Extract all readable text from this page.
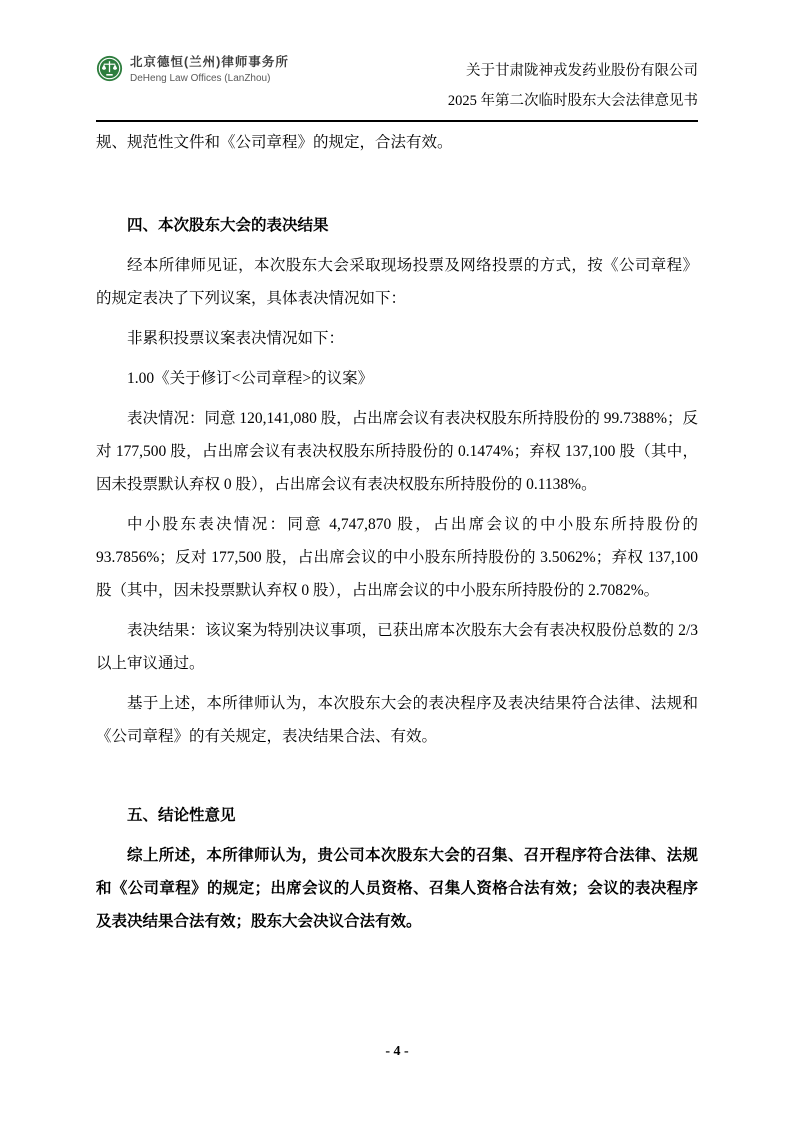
北京德恒(兰州)律师事务所
DeHeng Law Offices (LanZhou)	关于甘肃陇神戎发药业股份有限公司
2025 年第二次临时股东大会法律意见书

规、规范性文件和《公司章程》的规定，合法有效。

四、本次股东大会的表决结果

经本所律师见证，本次股东大会采取现场投票及网络投票的方式，按《公司章程》的规定表决了下列议案，具体表决情况如下：

非累积投票议案表决情况如下：

1.00《关于修订<公司章程>的议案》

表决情况：同意 120,141,080 股，占出席会议有表决权股东所持股份的 99.7388%；反对 177,500 股，占出席会议有表决权股东所持股份的 0.1474%；弃权 137,100 股（其中，因未投票默认弃权 0 股），占出席会议有表决权股东所持股份的 0.1138%。

中小股东表决情况：同意 4,747,870 股，占出席会议的中小股东所持股份的 93.7856%；反对 177,500 股，占出席会议的中小股东所持股份的 3.5062%；弃权 137,100 股（其中，因未投票默认弃权 0 股），占出席会议的中小股东所持股份的 2.7082%。

表决结果：该议案为特别决议事项，已获出席本次股东大会有表决权股份总数的 2/3 以上审议通过。

基于上述，本所律师认为，本次股东大会的表决程序及表决结果符合法律、法规和《公司章程》的有关规定，表决结果合法、有效。

五、结论性意见

综上所述，本所律师认为，贵公司本次股东大会的召集、召开程序符合法律、法规和《公司章程》的规定；出席会议的人员资格、召集人资格合法有效；会议的表决程序及表决结果合法有效；股东大会决议合法有效。

- 4 -
